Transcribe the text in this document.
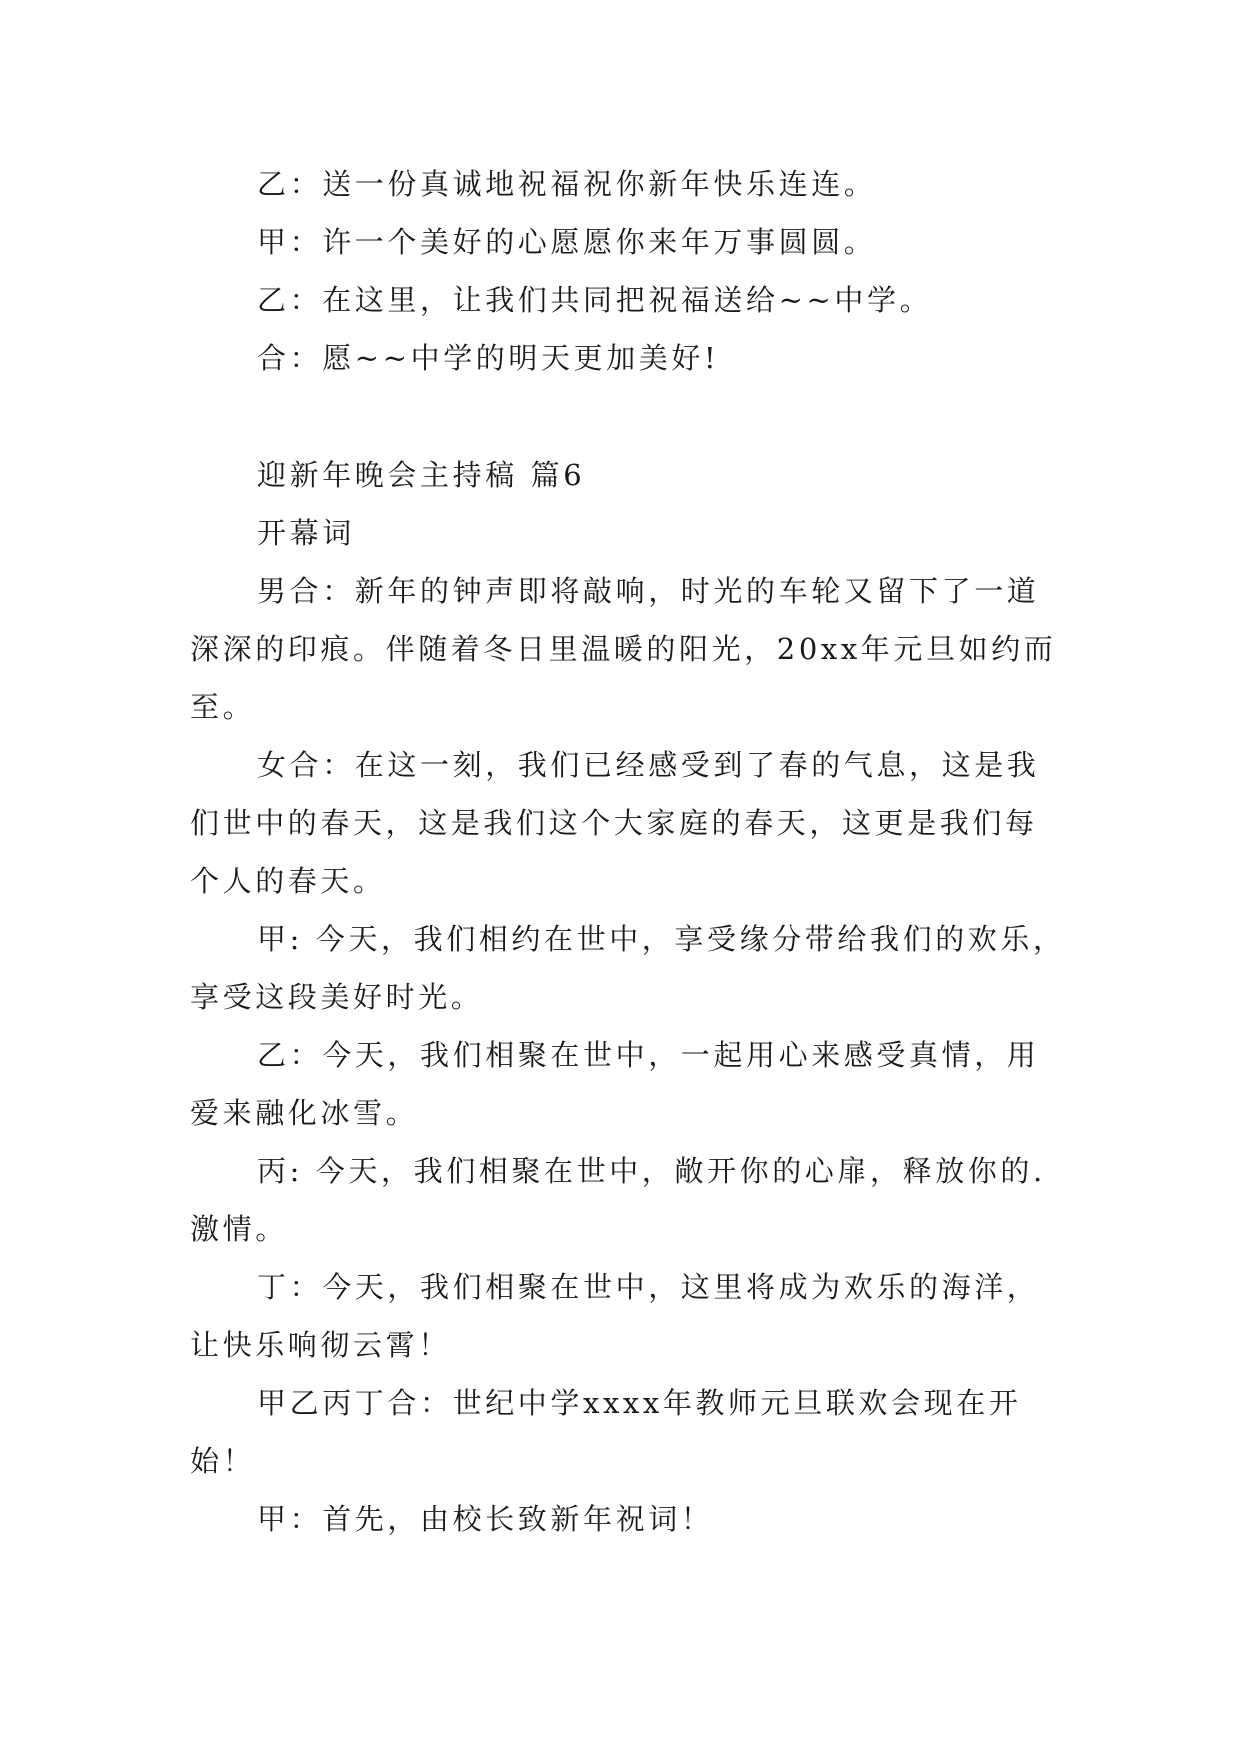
乙：送一份真诚地祝福祝你新年快乐连连。
甲：许一个美好的心愿愿你来年万事圆圆。
乙：在这里，让我们共同把祝福送给~~中学。
合：愿~~中学的明天更加美好!
迎新年晚会主持稿 篇6
开幕词
男合：新年的钟声即将敲响，时光的车轮又留下了一道
深深的印痕。伴随着冬日里温暖的阳光，20xx年元旦如约而
至。
女合：在这一刻，我们已经感受到了春的气息，这是我
们世中的春天，这是我们这个大家庭的春天，这更是我们每
个人的春天。
甲: 今天，我们相约在世中，享受缘分带给我们的欢乐，
享受这段美好时光。
乙：今天，我们相聚在世中，一起用心来感受真情，用
爱来融化冰雪。
丙: 今天，我们相聚在世中，敞开你的心扉，释放你的.
激情。
丁：今天，我们相聚在世中，这里将成为欢乐的海洋，
让快乐响彻云霄！
甲乙丙丁合：世纪中学xxxx年教师元旦联欢会现在开
始！
甲：首先，由校长致新年祝词！
